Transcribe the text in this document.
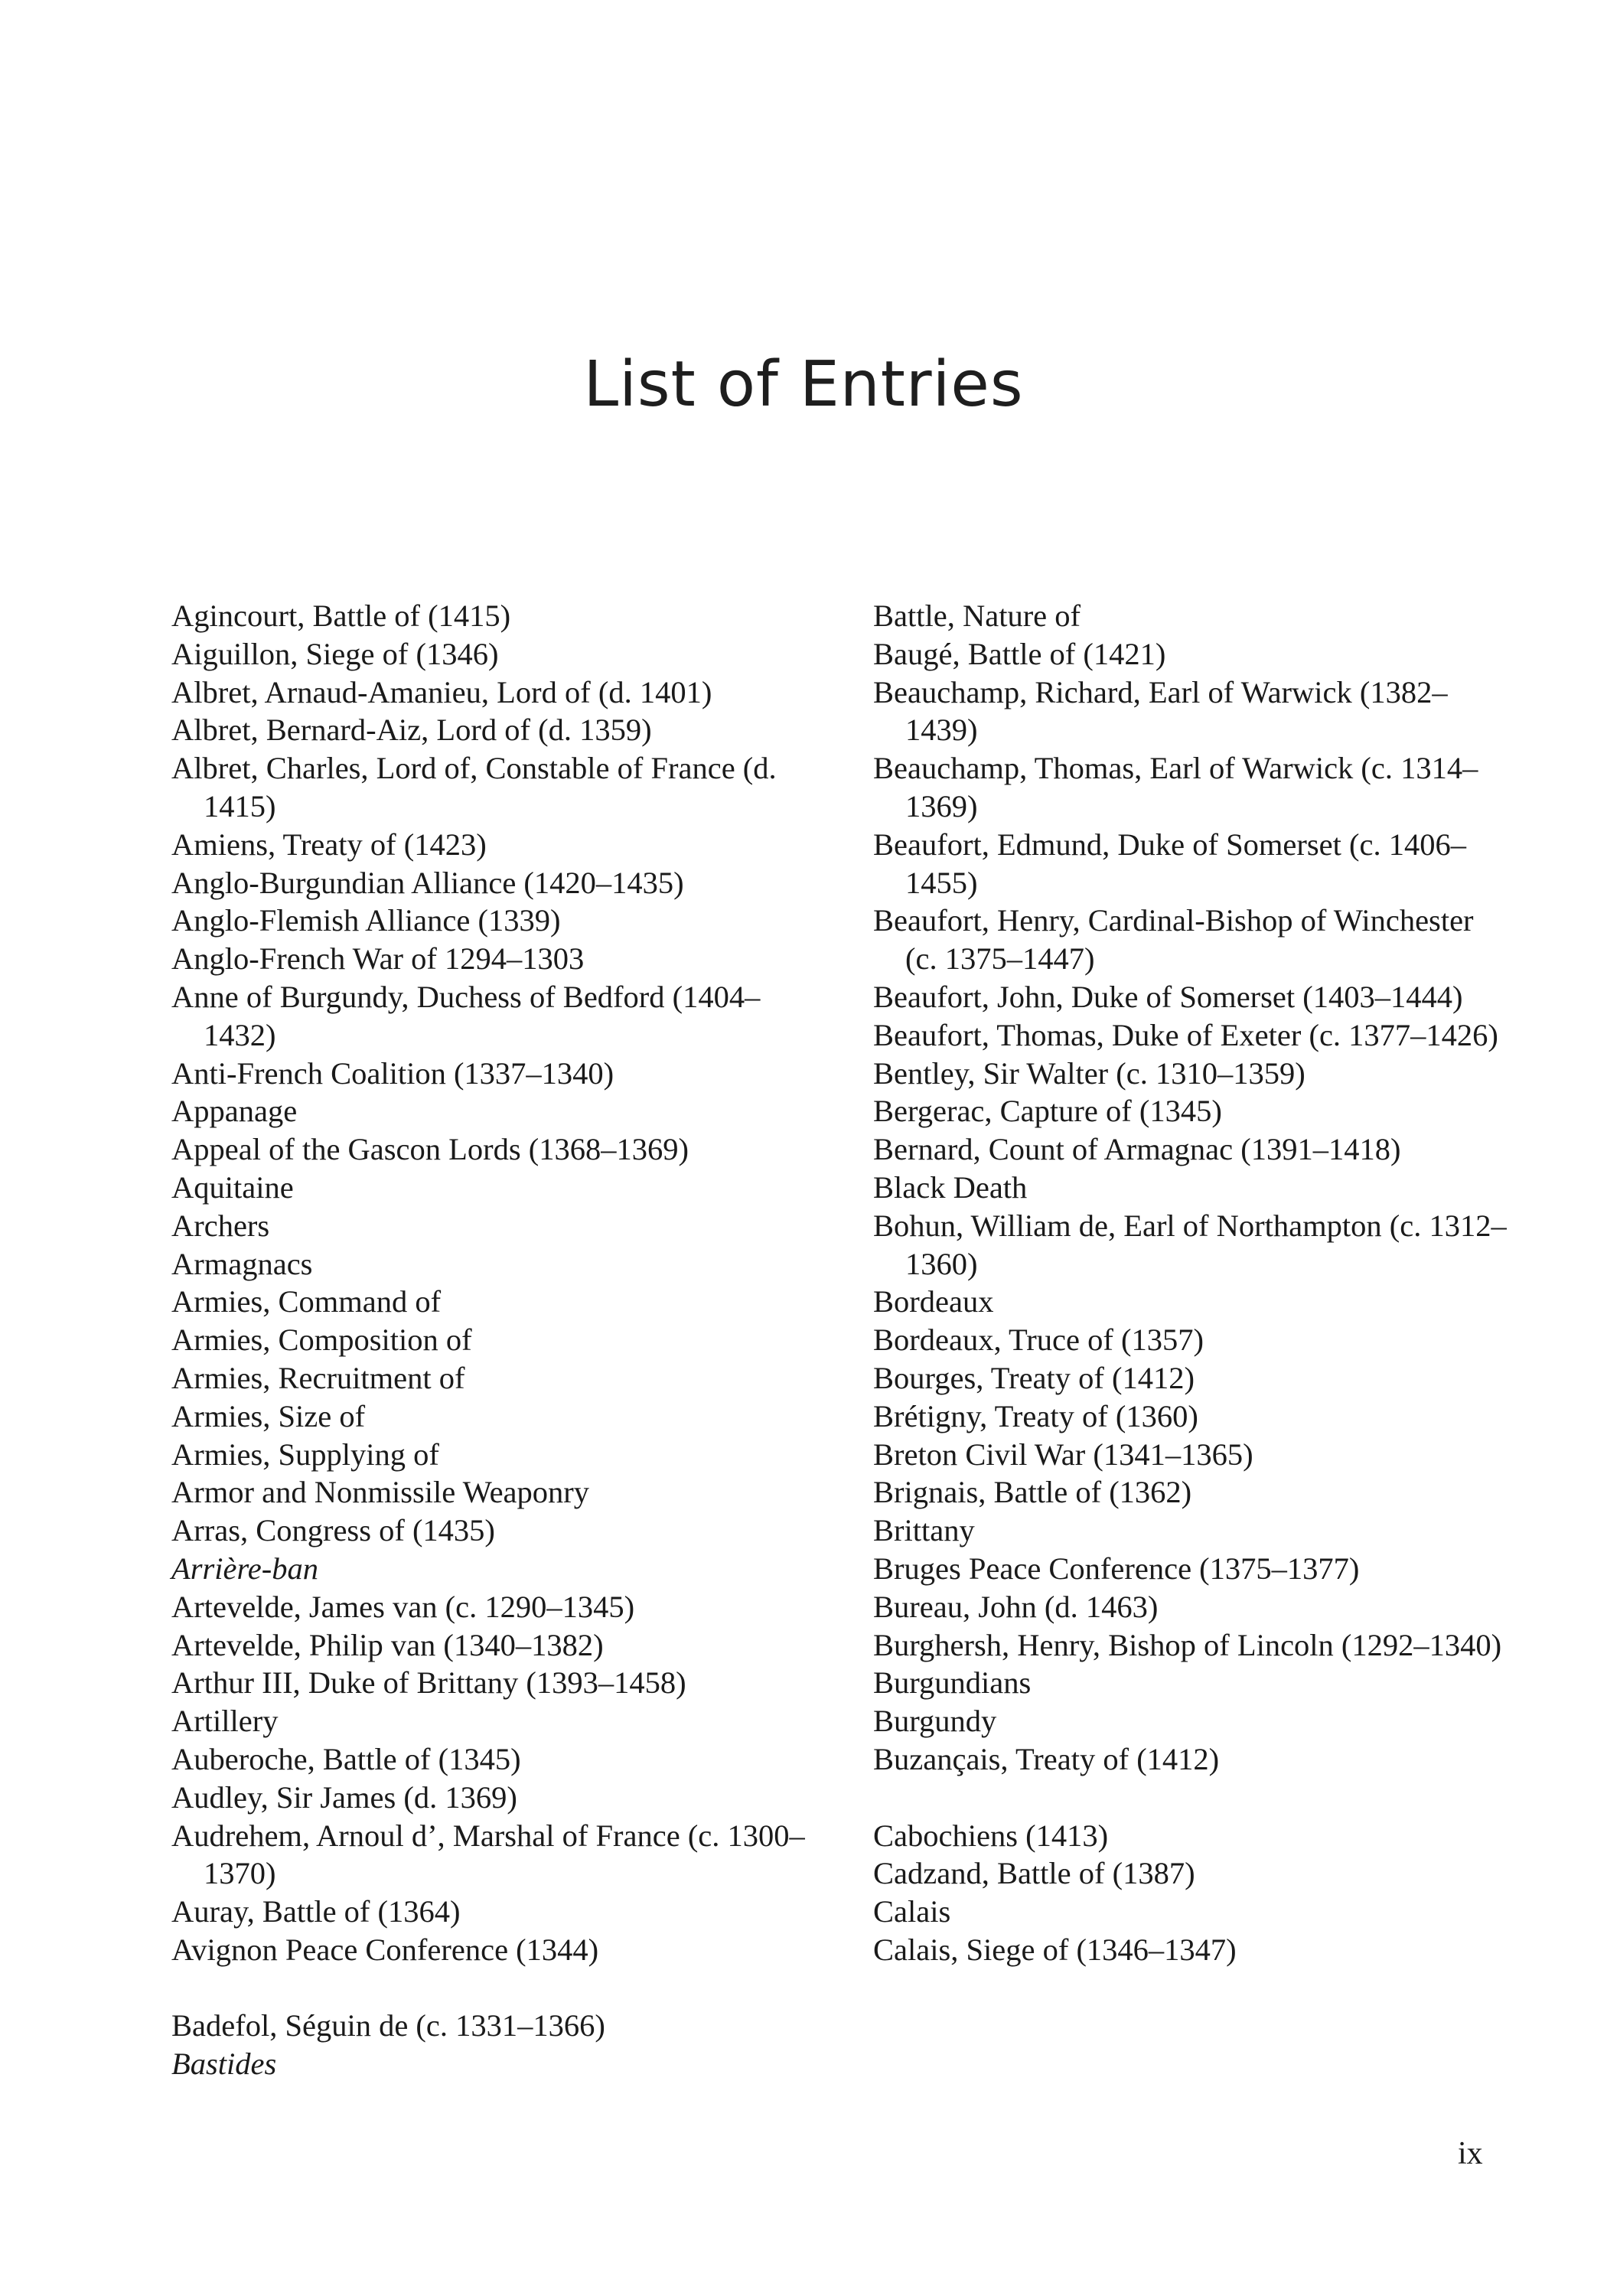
List of Entries
Agincourt, Battle of (1415)
Aiguillon, Siege of (1346)
Albret, Arnaud-Amanieu, Lord of (d. 1401)
Albret, Bernard-Aiz, Lord of (d. 1359)
Albret, Charles, Lord of, Constable of France (d. 1415)
Amiens, Treaty of (1423)
Anglo-Burgundian Alliance (1420–1435)
Anglo-Flemish Alliance (1339)
Anglo-French War of 1294–1303
Anne of Burgundy, Duchess of Bedford (1404–1432)
Anti-French Coalition (1337–1340)
Appanage
Appeal of the Gascon Lords (1368–1369)
Aquitaine
Archers
Armagnacs
Armies, Command of
Armies, Composition of
Armies, Recruitment of
Armies, Size of
Armies, Supplying of
Armor and Nonmissile Weaponry
Arras, Congress of (1435)
Arrière-ban
Artevelde, James van (c. 1290–1345)
Artevelde, Philip van (1340–1382)
Arthur III, Duke of Brittany (1393–1458)
Artillery
Auberoche, Battle of (1345)
Audley, Sir James (d. 1369)
Audrehem, Arnoul d’, Marshal of France (c. 1300–1370)
Auray, Battle of (1364)
Avignon Peace Conference (1344)
Badefol, Séguin de (c. 1331–1366)
Bastides
Battle, Nature of
Baugé, Battle of (1421)
Beauchamp, Richard, Earl of Warwick (1382–1439)
Beauchamp, Thomas, Earl of Warwick (c. 1314–1369)
Beaufort, Edmund, Duke of Somerset (c. 1406–1455)
Beaufort, Henry, Cardinal-Bishop of Winchester (c. 1375–1447)
Beaufort, John, Duke of Somerset (1403–1444)
Beaufort, Thomas, Duke of Exeter (c. 1377–1426)
Bentley, Sir Walter (c. 1310–1359)
Bergerac, Capture of (1345)
Bernard, Count of Armagnac (1391–1418)
Black Death
Bohun, William de, Earl of Northampton (c. 1312–1360)
Bordeaux
Bordeaux, Truce of (1357)
Bourges, Treaty of (1412)
Brétigny, Treaty of (1360)
Breton Civil War (1341–1365)
Brignais, Battle of (1362)
Brittany
Bruges Peace Conference (1375–1377)
Bureau, John (d. 1463)
Burghersh, Henry, Bishop of Lincoln (1292–1340)
Burgundians
Burgundy
Buzançais, Treaty of (1412)
Cabochiens (1413)
Cadzand, Battle of (1387)
Calais
Calais, Siege of (1346–1347)
ix
